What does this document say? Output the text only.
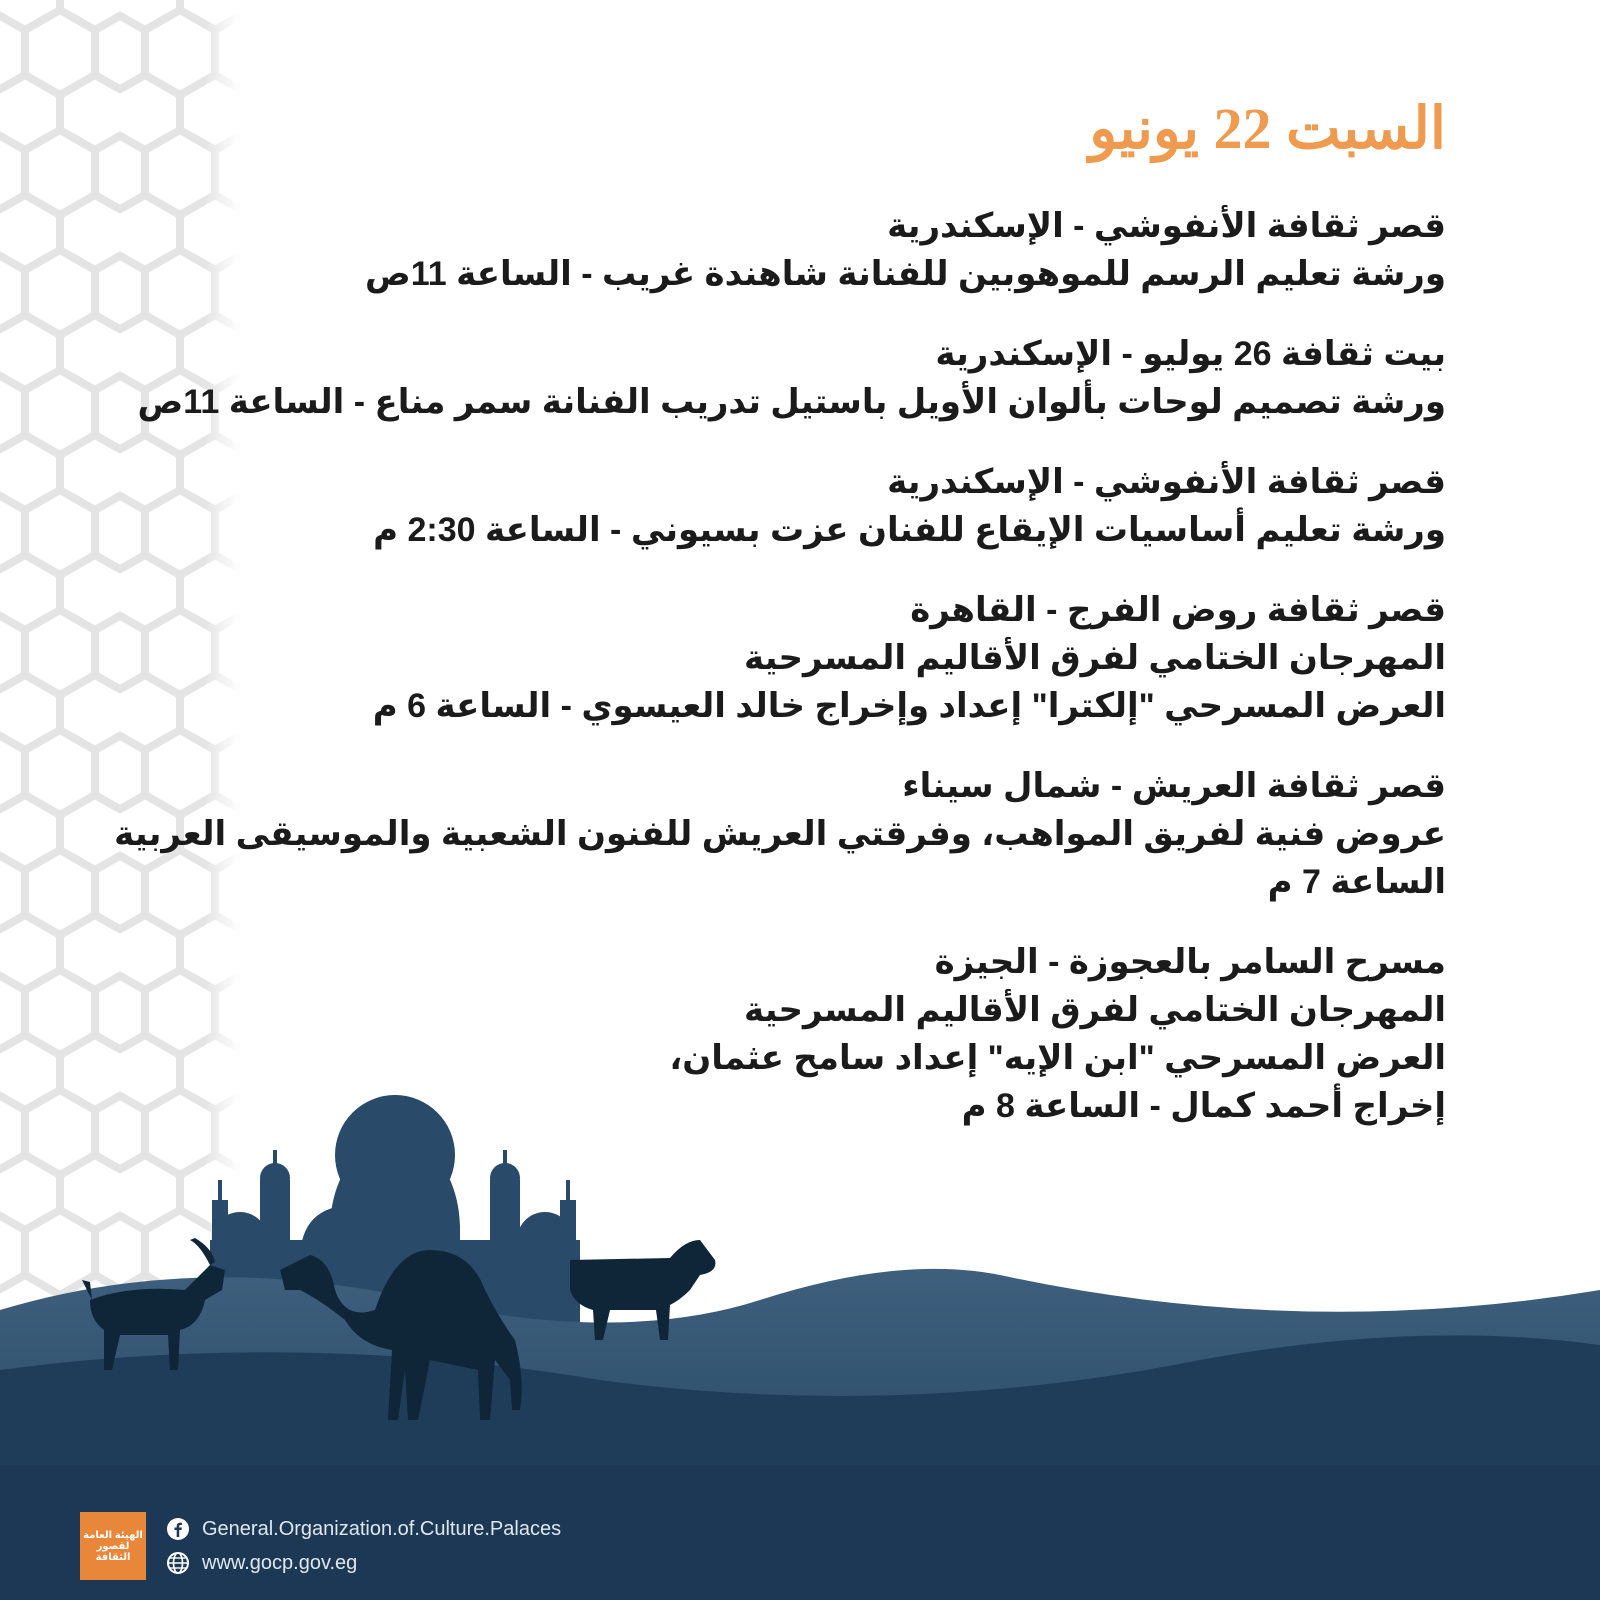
السبت 22 يونيو
قصر ثقافة الأنفوشي - الإسكندرية
ورشة تعليم الرسم للموهوبين للفنانة شاهندة غريب - الساعة 11ص
بيت ثقافة 26 يوليو - الإسكندرية
ورشة تصميم لوحات بألوان الأويل باستيل تدريب الفنانة سمر مناع - الساعة 11ص
قصر ثقافة الأنفوشي - الإسكندرية
ورشة تعليم أساسيات الإيقاع للفنان عزت بسيوني - الساعة 2:30 م
قصر ثقافة روض الفرج - القاهرة
المهرجان الختامي لفرق الأقاليم المسرحية
العرض المسرحي "إلكترا" إعداد وإخراج خالد العيسوي - الساعة 6 م
قصر ثقافة العريش - شمال سيناء
عروض فنية لفريق المواهب، وفرقتي العريش للفنون الشعبية والموسيقى العربية
الساعة 7 م
مسرح السامر بالعجوزة - الجيزة
المهرجان الختامي لفرق الأقاليم المسرحية
العرض المسرحي "ابن الإيه" إعداد سامح عثمان،
إخراج أحمد كمال - الساعة 8 م
الهيئة العامة لقصور الثقافة
General.Organization.of.Culture.Palaces
www.gocp.gov.eg
